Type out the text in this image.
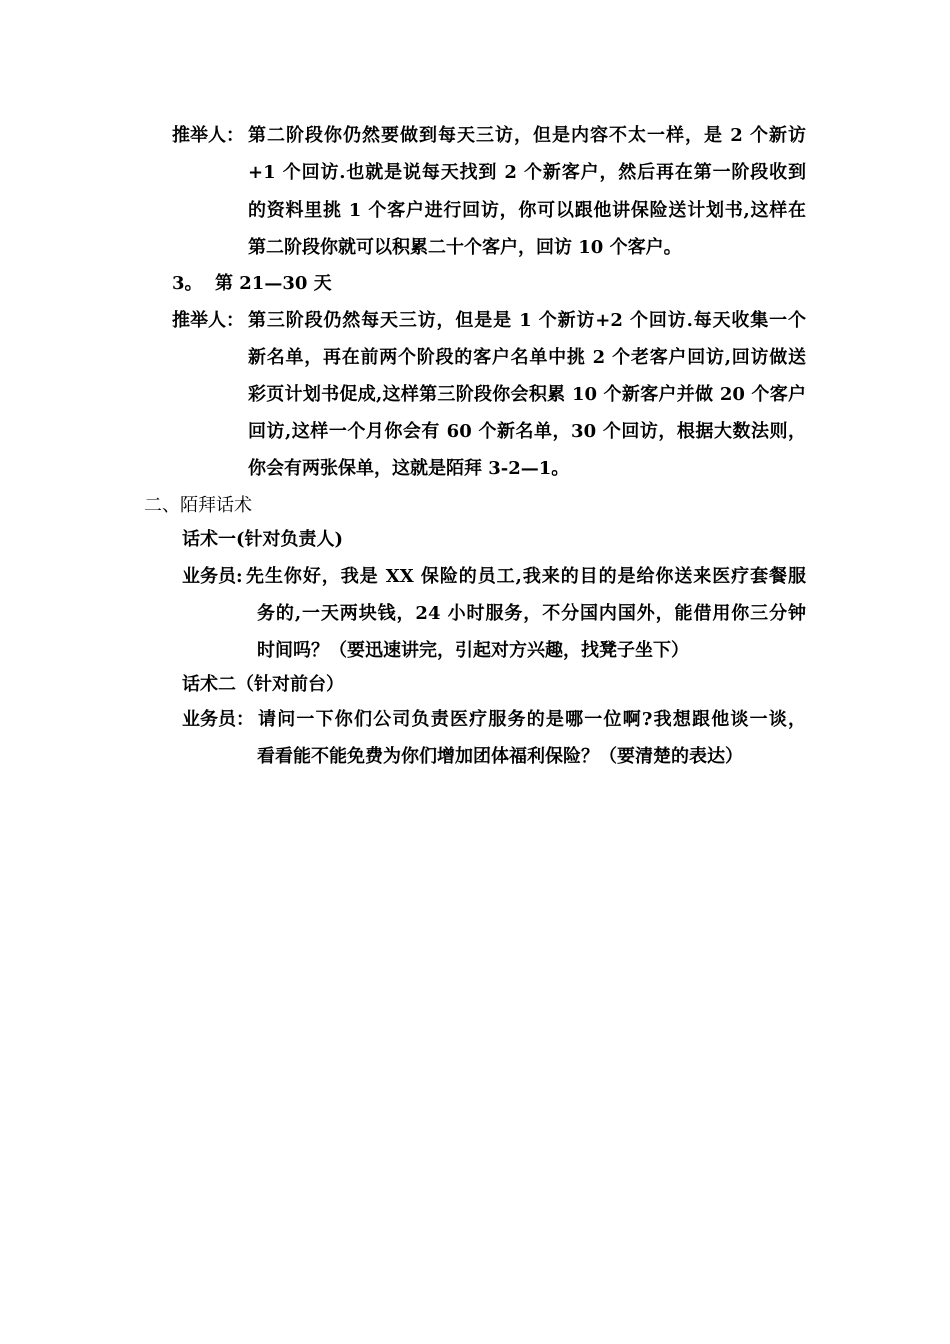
推举人： 第二阶段你仍然要做到每天三访，但是内容不太一样，是 2 个新访
+1 个回访.也就是说每天找到 2 个新客户，然后再在第一阶段收到
的资料里挑 1 个客户进行回访，你可以跟他讲保险送计划书,这样在
第二阶段你就可以积累二十个客户，回访 10 个客户。
3。 第 21—30 天
推举人： 第三阶段仍然每天三访，但是是 1 个新访+2 个回访.每天收集一个
新名单，再在前两个阶段的客户名单中挑 2 个老客户回访,回访做送
彩页计划书促成,这样第三阶段你会积累 10 个新客户并做 20 个客户
回访,这样一个月你会有 60 个新名单，30 个回访，根据大数法则，
你会有两张保单，这就是陌拜 3-2—1。
二、陌拜话术
话术一(针对负责人)
业务员: 先生你好，我是 XX 保险的员工,我来的目的是给你送来医疗套餐服
务的,一天两块钱，24 小时服务，不分国内国外，能借用你三分钟
时间吗？（要迅速讲完，引起对方兴趣，找凳子坐下）
话术二（针对前台）
业务员： 请问一下你们公司负责医疗服务的是哪一位啊?我想跟他谈一谈，
看看能不能免费为你们增加团体福利保险？（要清楚的表达）
